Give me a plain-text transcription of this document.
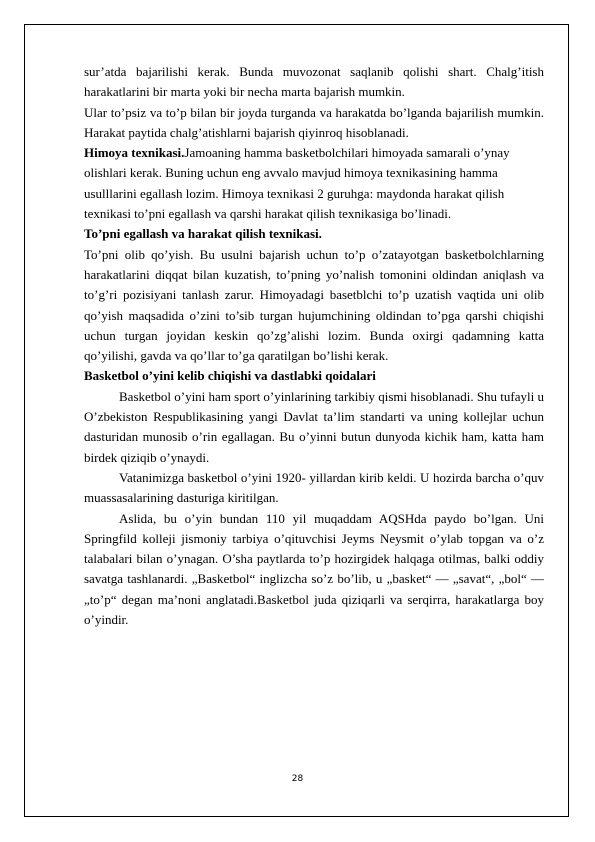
sur’atda bajarilishi kerak. Bunda muvozonat saqlanib qolishi shart. Chalg’itish harakatlarini bir marta yoki bir necha marta bajarish mumkin.

Ular to’psiz va to’p bilan bir joyda turganda va harakatda bo’lganda bajarilish mumkin. Harakat paytida chalg’atishlarni bajarish qiyinroq hisoblanadi.

Himoya texnikasi.Jamoaning hamma basketbolchilari himoyada samarali o’ynay

olishlari kerak. Buning uchun eng avvalo mavjud himoya texnikasining hamma

usulllarini egallash lozim. Himoya texnikasi 2 guruhga: maydonda harakat qilish

texnikasi to’pni egallash va qarshi harakat qilish texnikasiga bo’linadi.

To’pni egallash va harakat qilish texnikasi.

To’pni olib qo’yish. Bu usulni bajarish uchun to’p o’zatayotgan basketbolchlarning harakatlarini diqqat bilan kuzatish, to’pning yo’nalish tomonini oldindan aniqlash va to’g’ri pozisiyani tanlash zarur. Himoyadagi basetblchi to’p uzatish vaqtida uni olib qo’yish maqsadida o’zini to’sib turgan hujumchining oldindan to’pga qarshi chiqishi uchun turgan joyidan keskin qo’zg’alishi lozim. Bunda oxirgi qadamning katta qo’yilishi, gavda va qo’llar to’ga qaratilgan bo’lishi kerak.

Basketbol o’yini kelib chiqishi va dastlabki qoidalari

Basketbol o’yini ham sport o’yinlarining tarkibiy qismi hisoblanadi. Shu tufayli u O’zbekiston Respublikasining yangi Davlat ta’lim standarti va uning kollejlar uchun dasturidan munosib o’rin egallagan. Bu o’yinni butun dunyoda kichik ham, katta ham birdek qiziqib o’ynaydi.

Vatanimizga basketbol o’yini 1920- yillardan kirib keldi. U hozirda barcha o’quv muassasalarining dasturiga kiritilgan.

Aslida, bu o’yin bundan 110 yil muqaddam AQSHda paydo bo’lgan. Uni Springfild kolleji jismoniy tarbiya o’qituvchisi Jeyms Neysmit o’ylab topgan va o’z talabalari bilan o’ynagan. O’sha paytlarda to’p hozirgidek halqaga otilmas, balki oddiy savatga tashlanardi. „Basketbol“ inglizcha so’z bo’lib, u „basket“ — „savat“, „bol“ — „to’p“ degan ma’noni anglatadi.Basketbol juda qiziqarli va serqirra, harakatlarga boy o’yindir.

28
